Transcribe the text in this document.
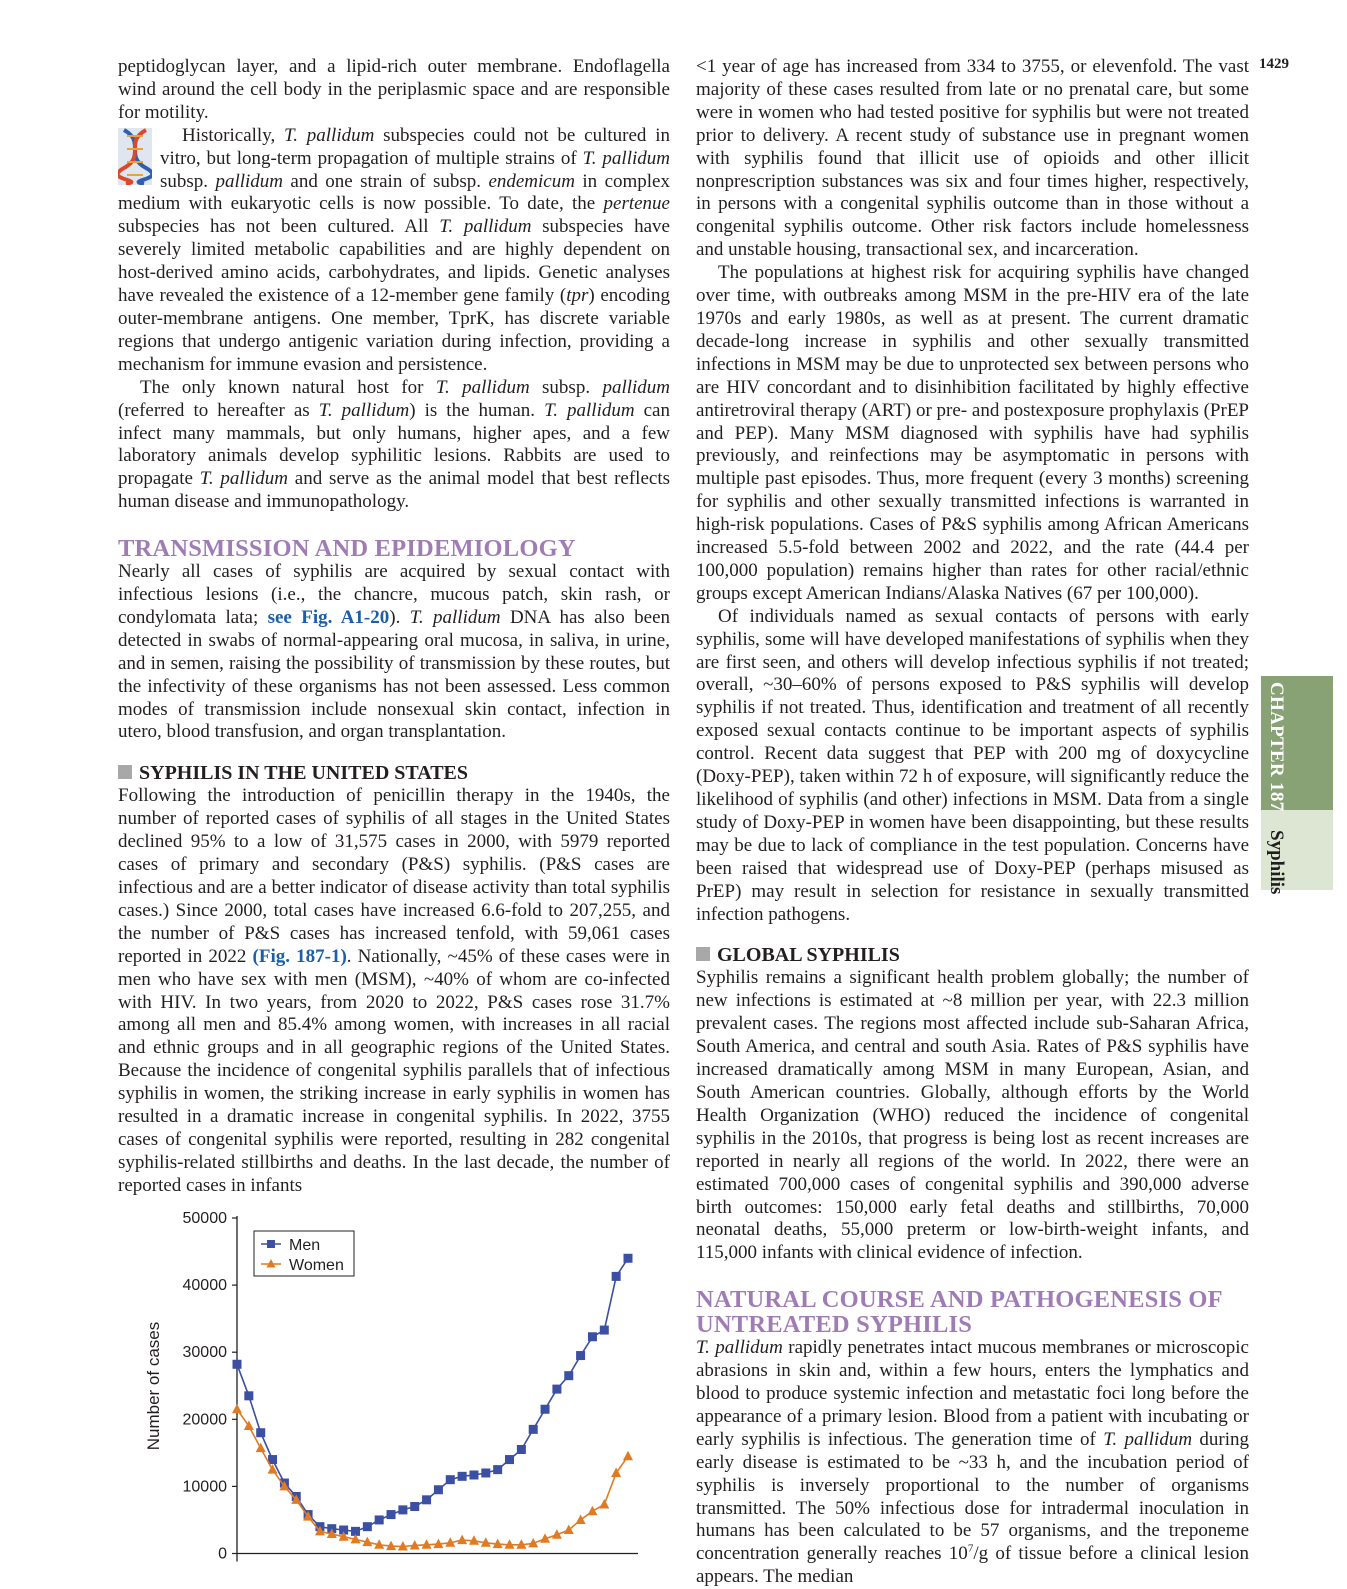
1429

peptidoglycan layer, and a lipid-rich outer membrane. Endoflagella wind around the cell body in the periplasmic space and are responsible for motility.

Historically, T. pallidum subspecies could not be cultured in vitro, but long-term propagation of multiple strains of T. pallidum subsp. pallidum and one strain of subsp. endemicum in complex medium with eukaryotic cells is now possible. To date, the pertenue subspecies has not been cultured. All T. pallidum subspecies have severely limited metabolic capabilities and are highly dependent on host-derived amino acids, carbohydrates, and lipids. Genetic analyses have revealed the existence of a 12-member gene family (tpr) encoding outer-membrane antigens. One member, TprK, has discrete variable regions that undergo antigenic variation during infection, providing a mechanism for immune evasion and persistence.

The only known natural host for T. pallidum subsp. pallidum (referred to hereafter as T. pallidum) is the human. T. pallidum can infect many mammals, but only humans, higher apes, and a few laboratory animals develop syphilitic lesions. Rabbits are used to propagate T. pallidum and serve as the animal model that best reflects human disease and immunopathology.

TRANSMISSION AND EPIDEMIOLOGY

Nearly all cases of syphilis are acquired by sexual contact with infectious lesions (i.e., the chancre, mucous patch, skin rash, or condylomata lata; see Fig. A1-20). T. pallidum DNA has also been detected in swabs of normal-appearing oral mucosa, in saliva, in urine, and in semen, raising the possibility of transmission by these routes, but the infectivity of these organisms has not been assessed. Less common modes of transmission include nonsexual skin contact, infection in utero, blood transfusion, and organ transplantation.

SYPHILIS IN THE UNITED STATES

Following the introduction of penicillin therapy in the 1940s, the number of reported cases of syphilis of all stages in the United States declined 95% to a low of 31,575 cases in 2000, with 5979 reported cases of primary and secondary (P&S) syphilis. (P&S cases are infectious and are a better indicator of disease activity than total syphilis cases.) Since 2000, total cases have increased 6.6-fold to 207,255, and the number of P&S cases has increased tenfold, with 59,061 cases reported in 2022 (Fig. 187-1). Nationally, ~45% of these cases were in men who have sex with men (MSM), ~40% of whom are co-infected with HIV. In two years, from 2020 to 2022, P&S cases rose 31.7% among all men and 85.4% among women, with increases in all racial and ethnic groups and in all geographic regions of the United States. Because the incidence of congenital syphilis parallels that of infectious syphilis in women, the striking increase in early syphilis in women has resulted in a dramatic increase in congenital syphilis. In 2022, 3755 cases of congenital syphilis were reported, resulting in 282 congenital syphilis-related stillbirths and deaths. In the last decade, the number of reported cases in infants

<1 year of age has increased from 334 to 3755, or elevenfold. The vast majority of these cases resulted from late or no prenatal care, but some were in women who had tested positive for syphilis but were not treated prior to delivery. A recent study of substance use in pregnant women with syphilis found that illicit use of opioids and other illicit nonprescription substances was six and four times higher, respectively, in persons with a congenital syphilis outcome than in those without a congenital syphilis outcome. Other risk factors include homelessness and unstable housing, transactional sex, and incarceration.

The populations at highest risk for acquiring syphilis have changed over time, with outbreaks among MSM in the pre-HIV era of the late 1970s and early 1980s, as well as at present. The current dramatic decade-long increase in syphilis and other sexually transmitted infections in MSM may be due to unprotected sex between persons who are HIV concordant and to disinhibition facilitated by highly effective antiretroviral therapy (ART) or pre- and postexposure prophylaxis (PrEP and PEP). Many MSM diagnosed with syphilis have had syphilis previously, and reinfections may be asymptomatic in persons with multiple past episodes. Thus, more frequent (every 3 months) screening for syphilis and other sexually transmitted infections is warranted in high-risk populations. Cases of P&S syphilis among African Americans increased 5.5-fold between 2002 and 2022, and the rate (44.4 per 100,000 population) remains higher than rates for other racial/ethnic groups except American Indians/Alaska Natives (67 per 100,000).

Of individuals named as sexual contacts of persons with early syphilis, some will have developed manifestations of syphilis when they are first seen, and others will develop infectious syphilis if not treated; overall, ~30–60% of persons exposed to P&S syphilis will develop syphilis if not treated. Thus, identification and treatment of all recently exposed sexual contacts continue to be important aspects of syphilis control. Recent data suggest that PEP with 200 mg of doxycycline (Doxy-PEP), taken within 72 h of exposure, will significantly reduce the likelihood of syphilis (and other) infections in MSM. Data from a single study of Doxy-PEP in women have been disappointing, but these results may be due to lack of compliance in the test population. Concerns have been raised that widespread use of Doxy-PEP (perhaps misused as PrEP) may result in selection for resistance in sexually transmitted infection pathogens.

GLOBAL SYPHILIS

Syphilis remains a significant health problem globally; the number of new infections is estimated at ~8 million per year, with 22.3 million prevalent cases. The regions most affected include sub-Saharan Africa, South America, and central and south Asia. Rates of P&S syphilis have increased dramatically among MSM in many European, Asian, and South American countries. Globally, although efforts by the World Health Organization (WHO) reduced the incidence of congenital syphilis in the 2010s, that progress is being lost as recent increases are reported in nearly all regions of the world. In 2022, there were an estimated 700,000 cases of congenital syphilis and 390,000 adverse birth outcomes: 150,000 early fetal deaths and stillbirths, 70,000 neonatal deaths, 55,000 preterm or low-birth-weight infants, and 115,000 infants with clinical evidence of infection.

NATURAL COURSE AND PATHOGENESIS OF UNTREATED SYPHILIS

T. pallidum rapidly penetrates intact mucous membranes or microscopic abrasions in skin and, within a few hours, enters the lymphatics and blood to produce systemic infection and metastatic foci long before the appearance of a primary lesion. Blood from a patient with incubating or early syphilis is infectious. The generation time of T. pallidum during early disease is estimated to be ~33 h, and the incubation period of syphilis is inversely proportional to the number of organisms transmitted. The 50% infectious dose for intradermal inoculation in humans has been calculated to be 57 organisms, and the treponeme concentration generally reaches $10^7/g$ of tissue before a clinical lesion appears. The median

CHAPTER 187 Syphilis
0
10000
20000
30000
40000
50000
Number of cases
Men
Women
